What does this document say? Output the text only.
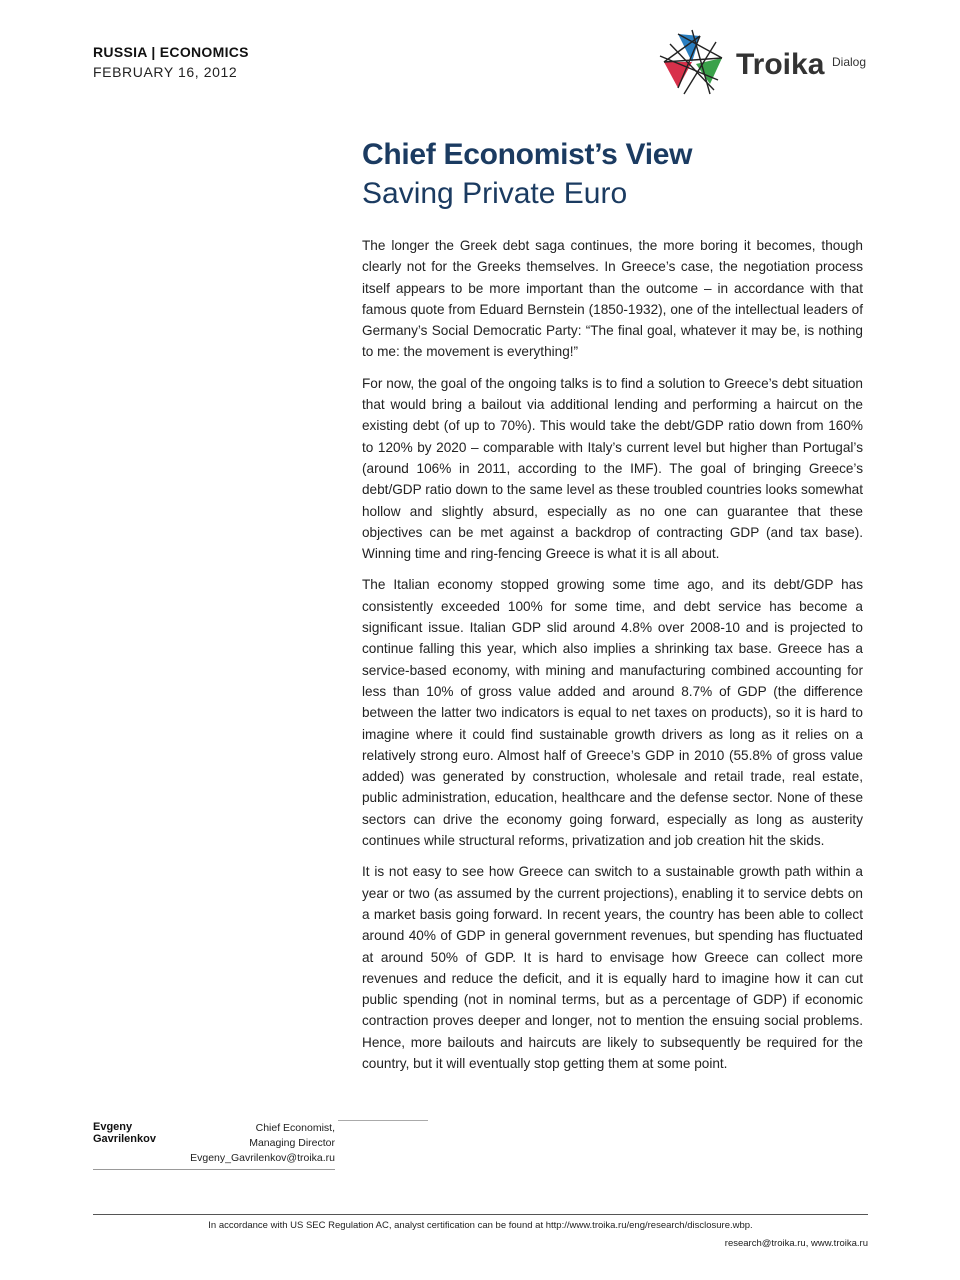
RUSSIA | ECONOMICS
FEBRUARY 16, 2012	Troika Dialog
Chief Economist’s View
Saving Private Euro

The longer the Greek debt saga continues, the more boring it becomes, though clearly not for the Greeks themselves. In Greece’s case, the negotiation process itself appears to be more important than the outcome – in accordance with that famous quote from Eduard Bernstein (1850-1932), one of the intellectual leaders of Germany’s Social Democratic Party: “The final goal, whatever it may be, is nothing to me: the movement is everything!”

For now, the goal of the ongoing talks is to find a solution to Greece’s debt situation that would bring a bailout via additional lending and performing a haircut on the existing debt (of up to 70%). This would take the debt/GDP ratio down from 160% to 120% by 2020 – comparable with Italy’s current level but higher than Portugal’s (around 106% in 2011, according to the IMF). The goal of bringing Greece’s debt/GDP ratio down to the same level as these troubled countries looks somewhat hollow and slightly absurd, especially as no one can guarantee that these objectives can be met against a backdrop of contracting GDP (and tax base). Winning time and ring-fencing Greece is what it is all about.

The Italian economy stopped growing some time ago, and its debt/GDP has consistently exceeded 100% for some time, and debt service has become a significant issue. Italian GDP slid around 4.8% over 2008-10 and is projected to continue falling this year, which also implies a shrinking tax base. Greece has a service-based economy, with mining and manufacturing combined accounting for less than 10% of gross value added and around 8.7% of GDP (the difference between the latter two indicators is equal to net taxes on products), so it is hard to imagine where it could find sustainable growth drivers as long as it relies on a relatively strong euro. Almost half of Greece’s GDP in 2010 (55.8% of gross value added) was generated by construction, wholesale and retail trade, real estate, public administration, education, healthcare and the defense sector. None of these sectors can drive the economy going forward, especially as long as austerity continues while structural reforms, privatization and job creation hit the skids.

It is not easy to see how Greece can switch to a sustainable growth path within a year or two (as assumed by the current projections), enabling it to service debts on a market basis going forward. In recent years, the country has been able to collect around 40% of GDP in general government revenues, but spending has fluctuated at around 50% of GDP. It is hard to envisage how Greece can collect more revenues and reduce the deficit, and it is equally hard to imagine how it can cut public spending (not in nominal terms, but as a percentage of GDP) if economic contraction proves deeper and longer, not to mention the ensuing social problems. Hence, more bailouts and haircuts are likely to subsequently be required for the country, but it will eventually stop getting them at some point.

Evgeny Gavrilenkov
Chief Economist,
Managing Director
Evgeny_Gavrilenkov@troika.ru
In accordance with US SEC Regulation AC, analyst certification can be found at http://www.troika.ru/eng/research/disclosure.wbp.
research@troika.ru, www.troika.ru
